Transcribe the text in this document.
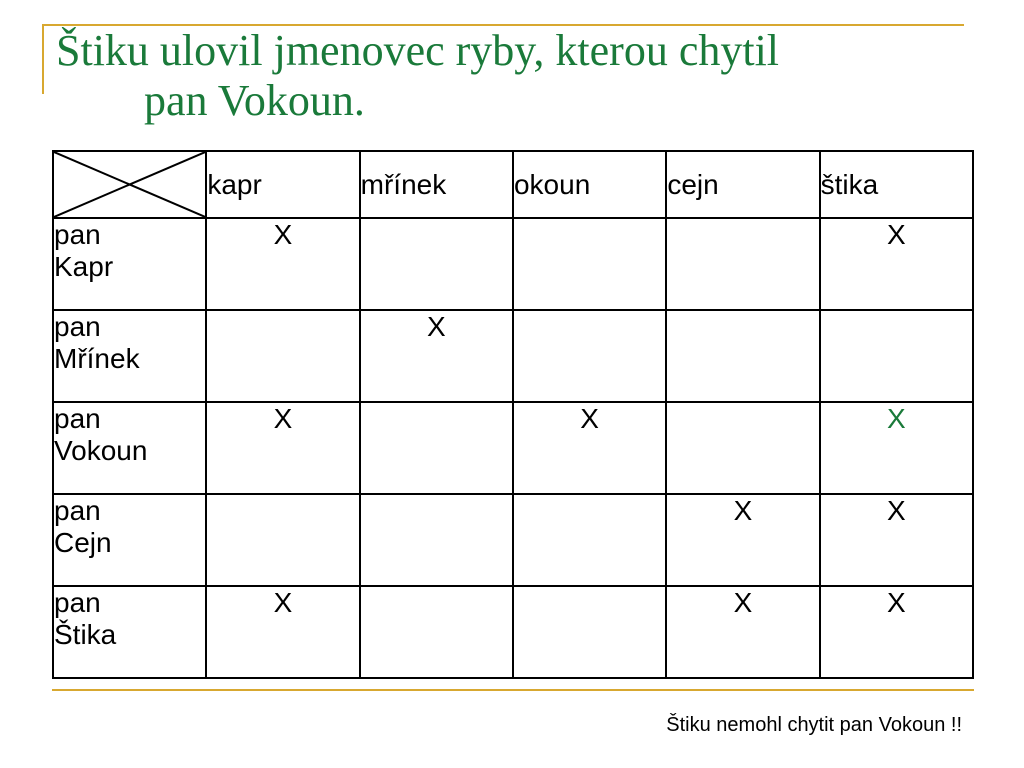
Štiku ulovil jmenovec ryby, kterou chytil
pan Vokoun.
	kapr	mřínek	okoun	cejn	štika
pan
Kapr	X				X
pan
Mřínek		X			
pan
Vokoun	X		X		X
pan
Cejn				X	X
pan
Štika	X			X	X
Štiku nemohl chytit pan Vokoun !!
